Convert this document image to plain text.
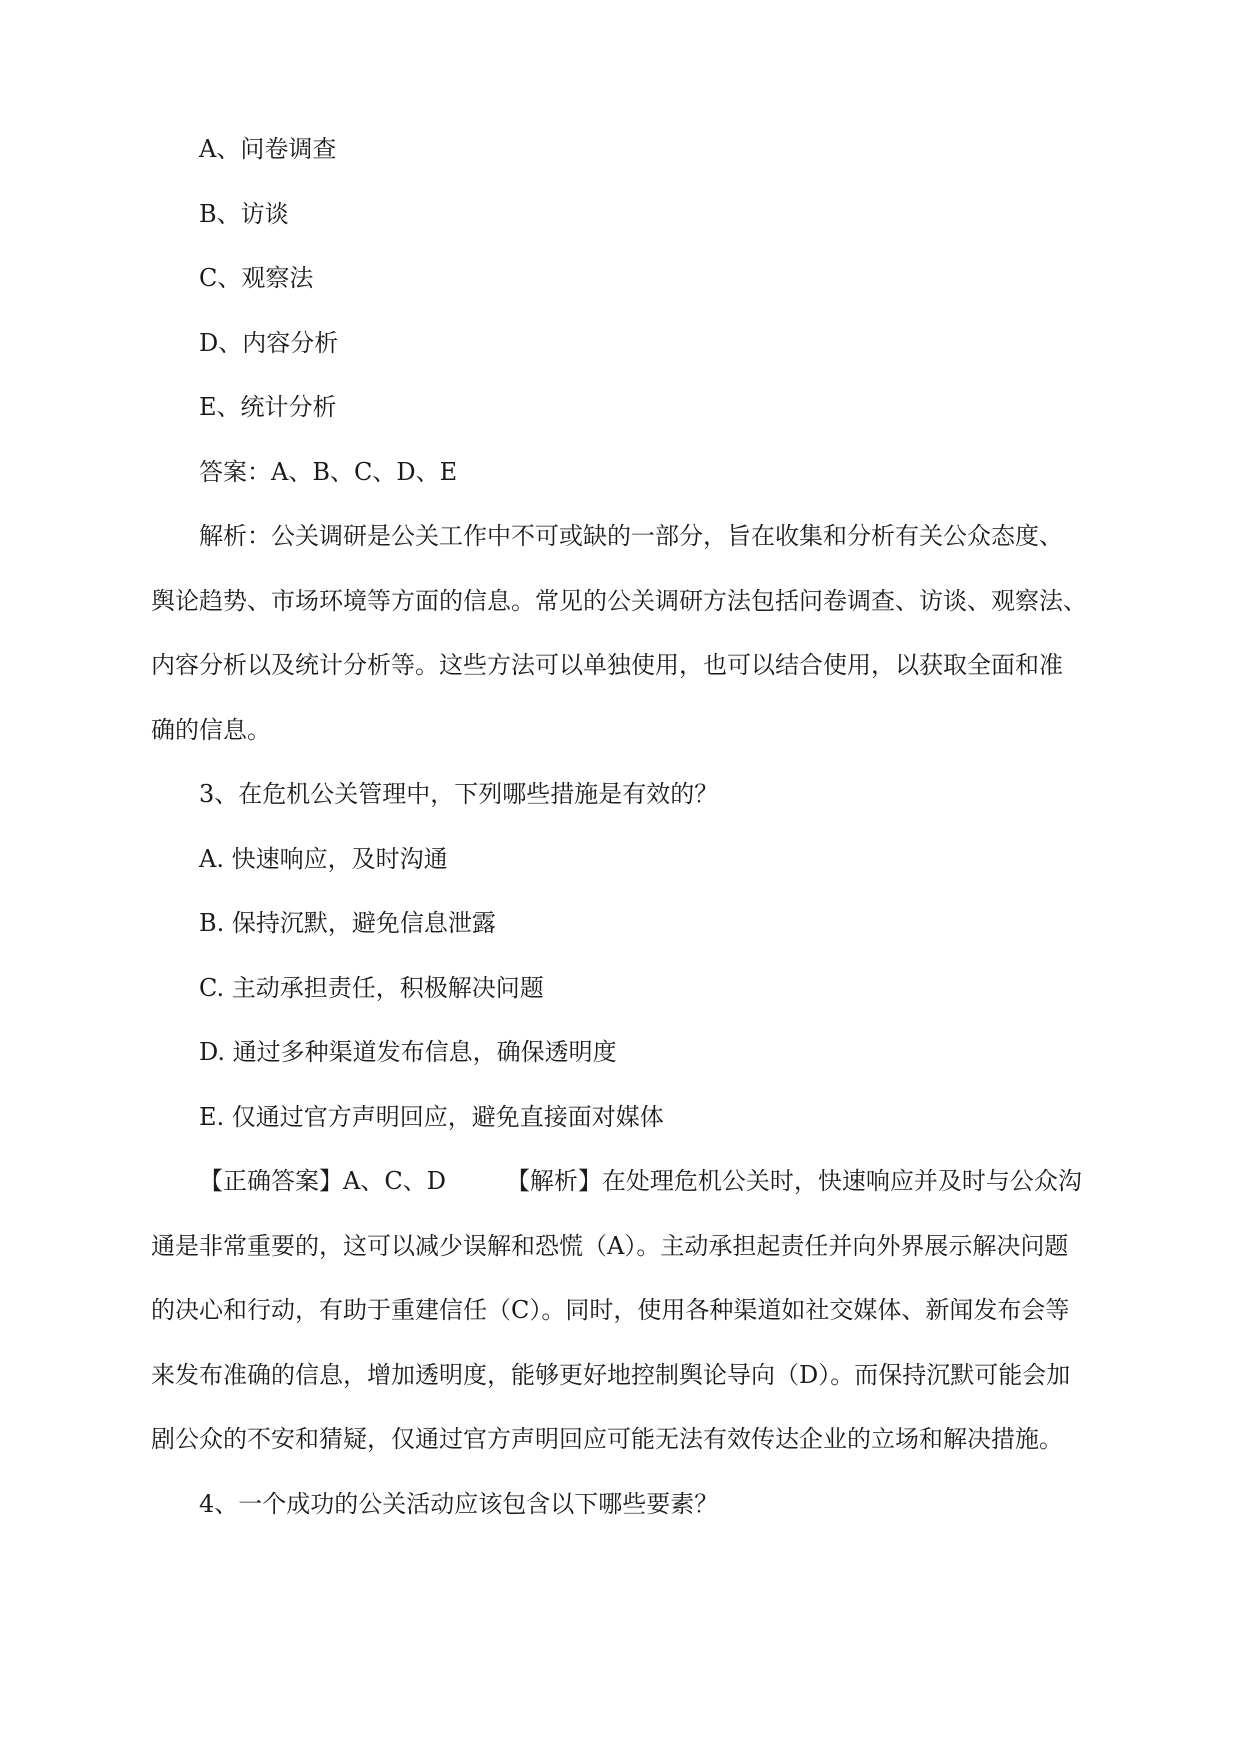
A、问卷调查

B、访谈

C、观察法

D、内容分析

E、统计分析

答案：A、B、C、D、E

解析：公关调研是公关工作中不可或缺的一部分，旨在收集和分析有关公众态度、

舆论趋势、市场环境等方面的信息。常见的公关调研方法包括问卷调查、访谈、观察法、

内容分析以及统计分析等。这些方法可以单独使用，也可以结合使用，以获取全面和准

确的信息。

3、在危机公关管理中，下列哪些措施是有效的？

A. 快速响应，及时沟通

B. 保持沉默，避免信息泄露

C. 主动承担责任，积极解决问题

D. 通过多种渠道发布信息，确保透明度

E. 仅通过官方声明回应，避免直接面对媒体

【正确答案】A、C、D	【解析】在处理危机公关时，快速响应并及时与公众沟

通是非常重要的，这可以减少误解和恐慌（A）。主动承担起责任并向外界展示解决问题

的决心和行动，有助于重建信任（C）。同时，使用各种渠道如社交媒体、新闻发布会等

来发布准确的信息，增加透明度，能够更好地控制舆论导向（D）。而保持沉默可能会加

剧公众的不安和猜疑，仅通过官方声明回应可能无法有效传达企业的立场和解决措施。

4、一个成功的公关活动应该包含以下哪些要素？
